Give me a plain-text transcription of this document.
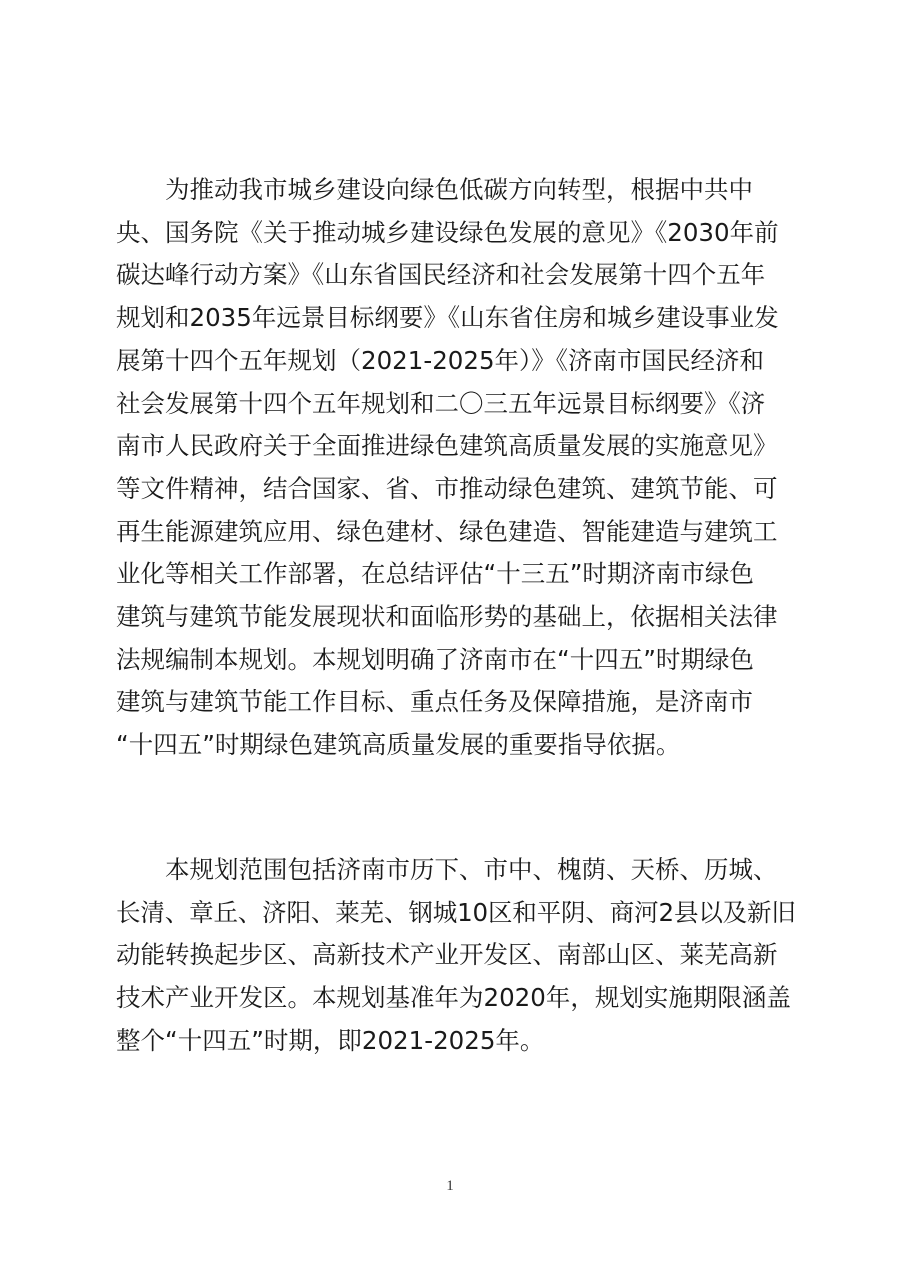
为推动我市城乡建设向绿色低碳方向转型，根据中共中
央、国务院《关于推动城乡建设绿色发展的意见》《2030年前
碳达峰行动方案》《山东省国民经济和社会发展第十四个五年
规划和2035年远景目标纲要》《山东省住房和城乡建设事业发
展第十四个五年规划（2021-2025年）》《济南市国民经济和
社会发展第十四个五年规划和二〇三五年远景目标纲要》《济
南市人民政府关于全面推进绿色建筑高质量发展的实施意见》
等文件精神，结合国家、省、市推动绿色建筑、建筑节能、可
再生能源建筑应用、绿色建材、绿色建造、智能建造与建筑工
业化等相关工作部署，在总结评估“十三五”时期济南市绿色
建筑与建筑节能发展现状和面临形势的基础上，依据相关法律
法规编制本规划。本规划明确了济南市在“十四五”时期绿色
建筑与建筑节能工作目标、重点任务及保障措施，是济南市
“十四五”时期绿色建筑高质量发展的重要指导依据。
本规划范围包括济南市历下、市中、槐荫、天桥、历城、
长清、章丘、济阳、莱芜、钢城10区和平阴、商河2县以及新旧
动能转换起步区、高新技术产业开发区、南部山区、莱芜高新
技术产业开发区。本规划基准年为2020年，规划实施期限涵盖
整个“十四五”时期，即2021-2025年。
1
